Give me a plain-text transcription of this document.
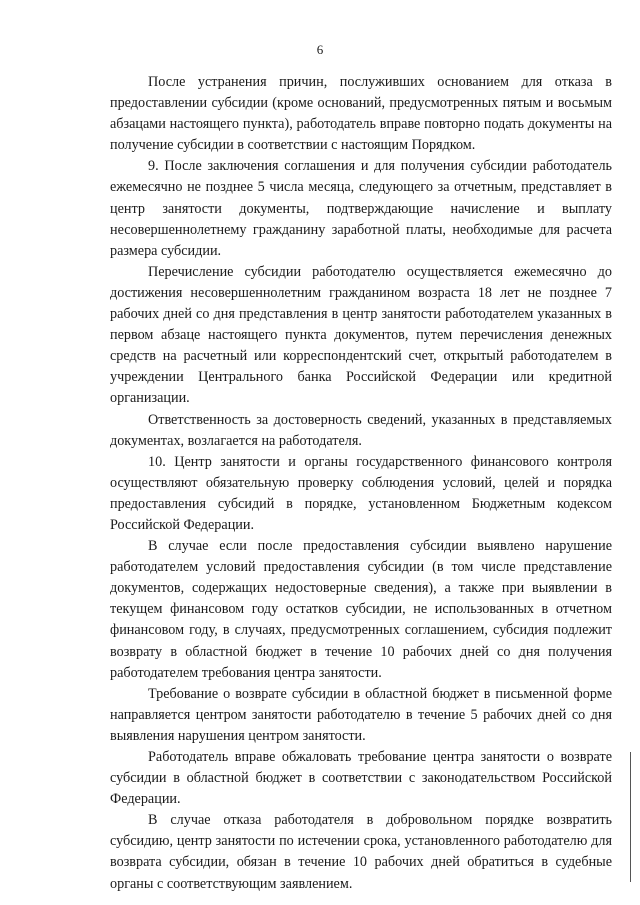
6

После устранения причин, послуживших основанием для отказа в предоставлении субсидии (кроме оснований, предусмотренных пятым и восьмым абзацами настоящего пункта), работодатель вправе повторно подать документы на получение субсидии в соответствии с настоящим Порядком.

9. После заключения соглашения и для получения субсидии работодатель ежемесячно не позднее 5 числа месяца, следующего за отчетным, представляет в центр занятости документы, подтверждающие начисление и выплату несовершеннолетнему гражданину заработной платы, необходимые для расчета размера субсидии.

Перечисление субсидии работодателю осуществляется ежемесячно до достижения несовершеннолетним гражданином возраста 18 лет не позднее 7 рабочих дней со дня представления в центр занятости работодателем указанных в первом абзаце настоящего пункта документов, путем перечисления денежных средств на расчетный или корреспондентский счет, открытый работодателем в учреждении Центрального банка Российской Федерации или кредитной организации.

Ответственность за достоверность сведений, указанных в представляемых документах, возлагается на работодателя.

10. Центр занятости и органы государственного финансового контроля осуществляют обязательную проверку соблюдения условий, целей и порядка предоставления субсидий в порядке, установленном Бюджетным кодексом Российской Федерации.

В случае если после предоставления субсидии выявлено нарушение работодателем условий предоставления субсидии (в том числе представление документов, содержащих недостоверные сведения), а также при выявлении в текущем финансовом году остатков субсидии, не использованных в отчетном финансовом году, в случаях, предусмотренных соглашением, субсидия подлежит возврату в областной бюджет в течение 10 рабочих дней со дня получения работодателем требования центра занятости.

Требование о возврате субсидии в областной бюджет в письменной форме направляется центром занятости работодателю в течение 5 рабочих дней со дня выявления нарушения центром занятости.

Работодатель вправе обжаловать требование центра занятости о возврате субсидии в областной бюджет в соответствии с законодательством Российской Федерации.

В случае отказа работодателя в добровольном порядке возвратить субсидию, центр занятости по истечении срока, установленного работодателю для возврата субсидии, обязан в течение 10 рабочих дней обратиться в судебные органы с соответствующим заявлением.
